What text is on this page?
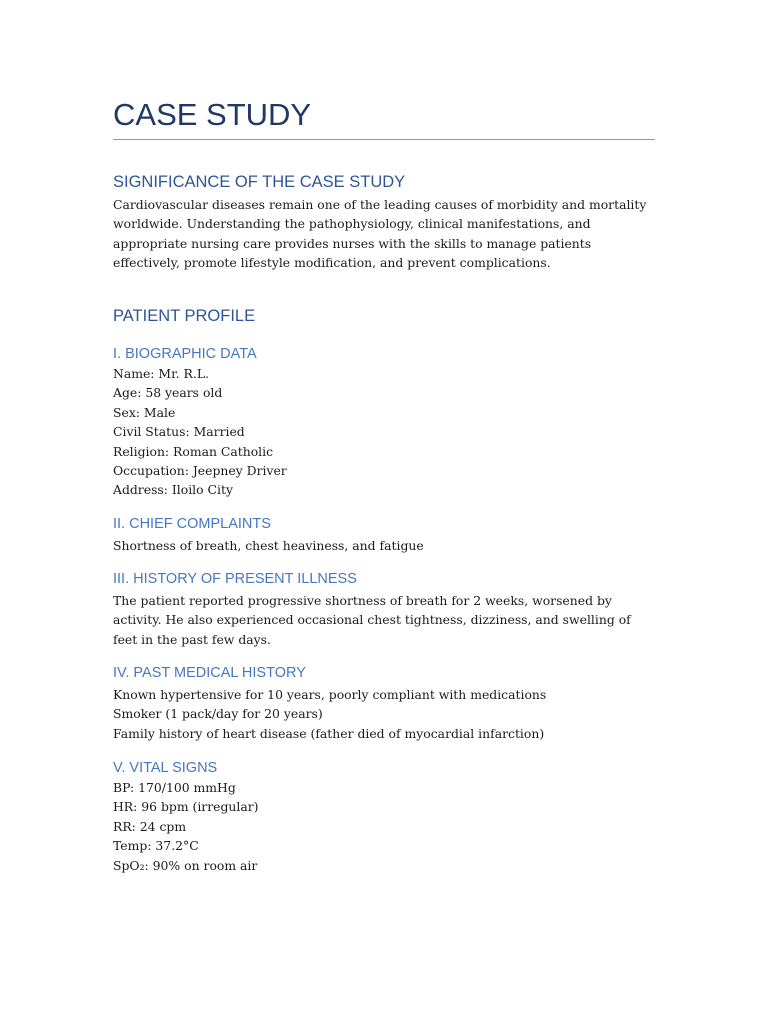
CASE STUDY
SIGNIFICANCE OF THE CASE STUDY

Cardiovascular diseases remain one of the leading causes of morbidity and mortality worldwide. Understanding the pathophysiology, clinical manifestations, and appropriate nursing care provides nurses with the skills to manage patients effectively, promote lifestyle modification, and prevent complications.

PATIENT PROFILE
I. BIOGRAPHIC DATA
Name: Mr. R.L.
Age: 58 years old
Sex: Male
Civil Status: Married
Religion: Roman Catholic
Occupation: Jeepney Driver
Address: Iloilo City
II. CHIEF COMPLAINTS

Shortness of breath, chest heaviness, and fatigue

III. HISTORY OF PRESENT ILLNESS

The patient reported progressive shortness of breath for 2 weeks, worsened by activity. He also experienced occasional chest tightness, dizziness, and swelling of feet in the past few days.

IV. PAST MEDICAL HISTORY
Known hypertensive for 10 years, poorly compliant with medications
Smoker (1 pack/day for 20 years)
Family history of heart disease (father died of myocardial infarction)
V. VITAL SIGNS
BP: 170/100 mmHg
HR: 96 bpm (irregular)
RR: 24 cpm
Temp: 37.2°C
SpO₂: 90% on room air
